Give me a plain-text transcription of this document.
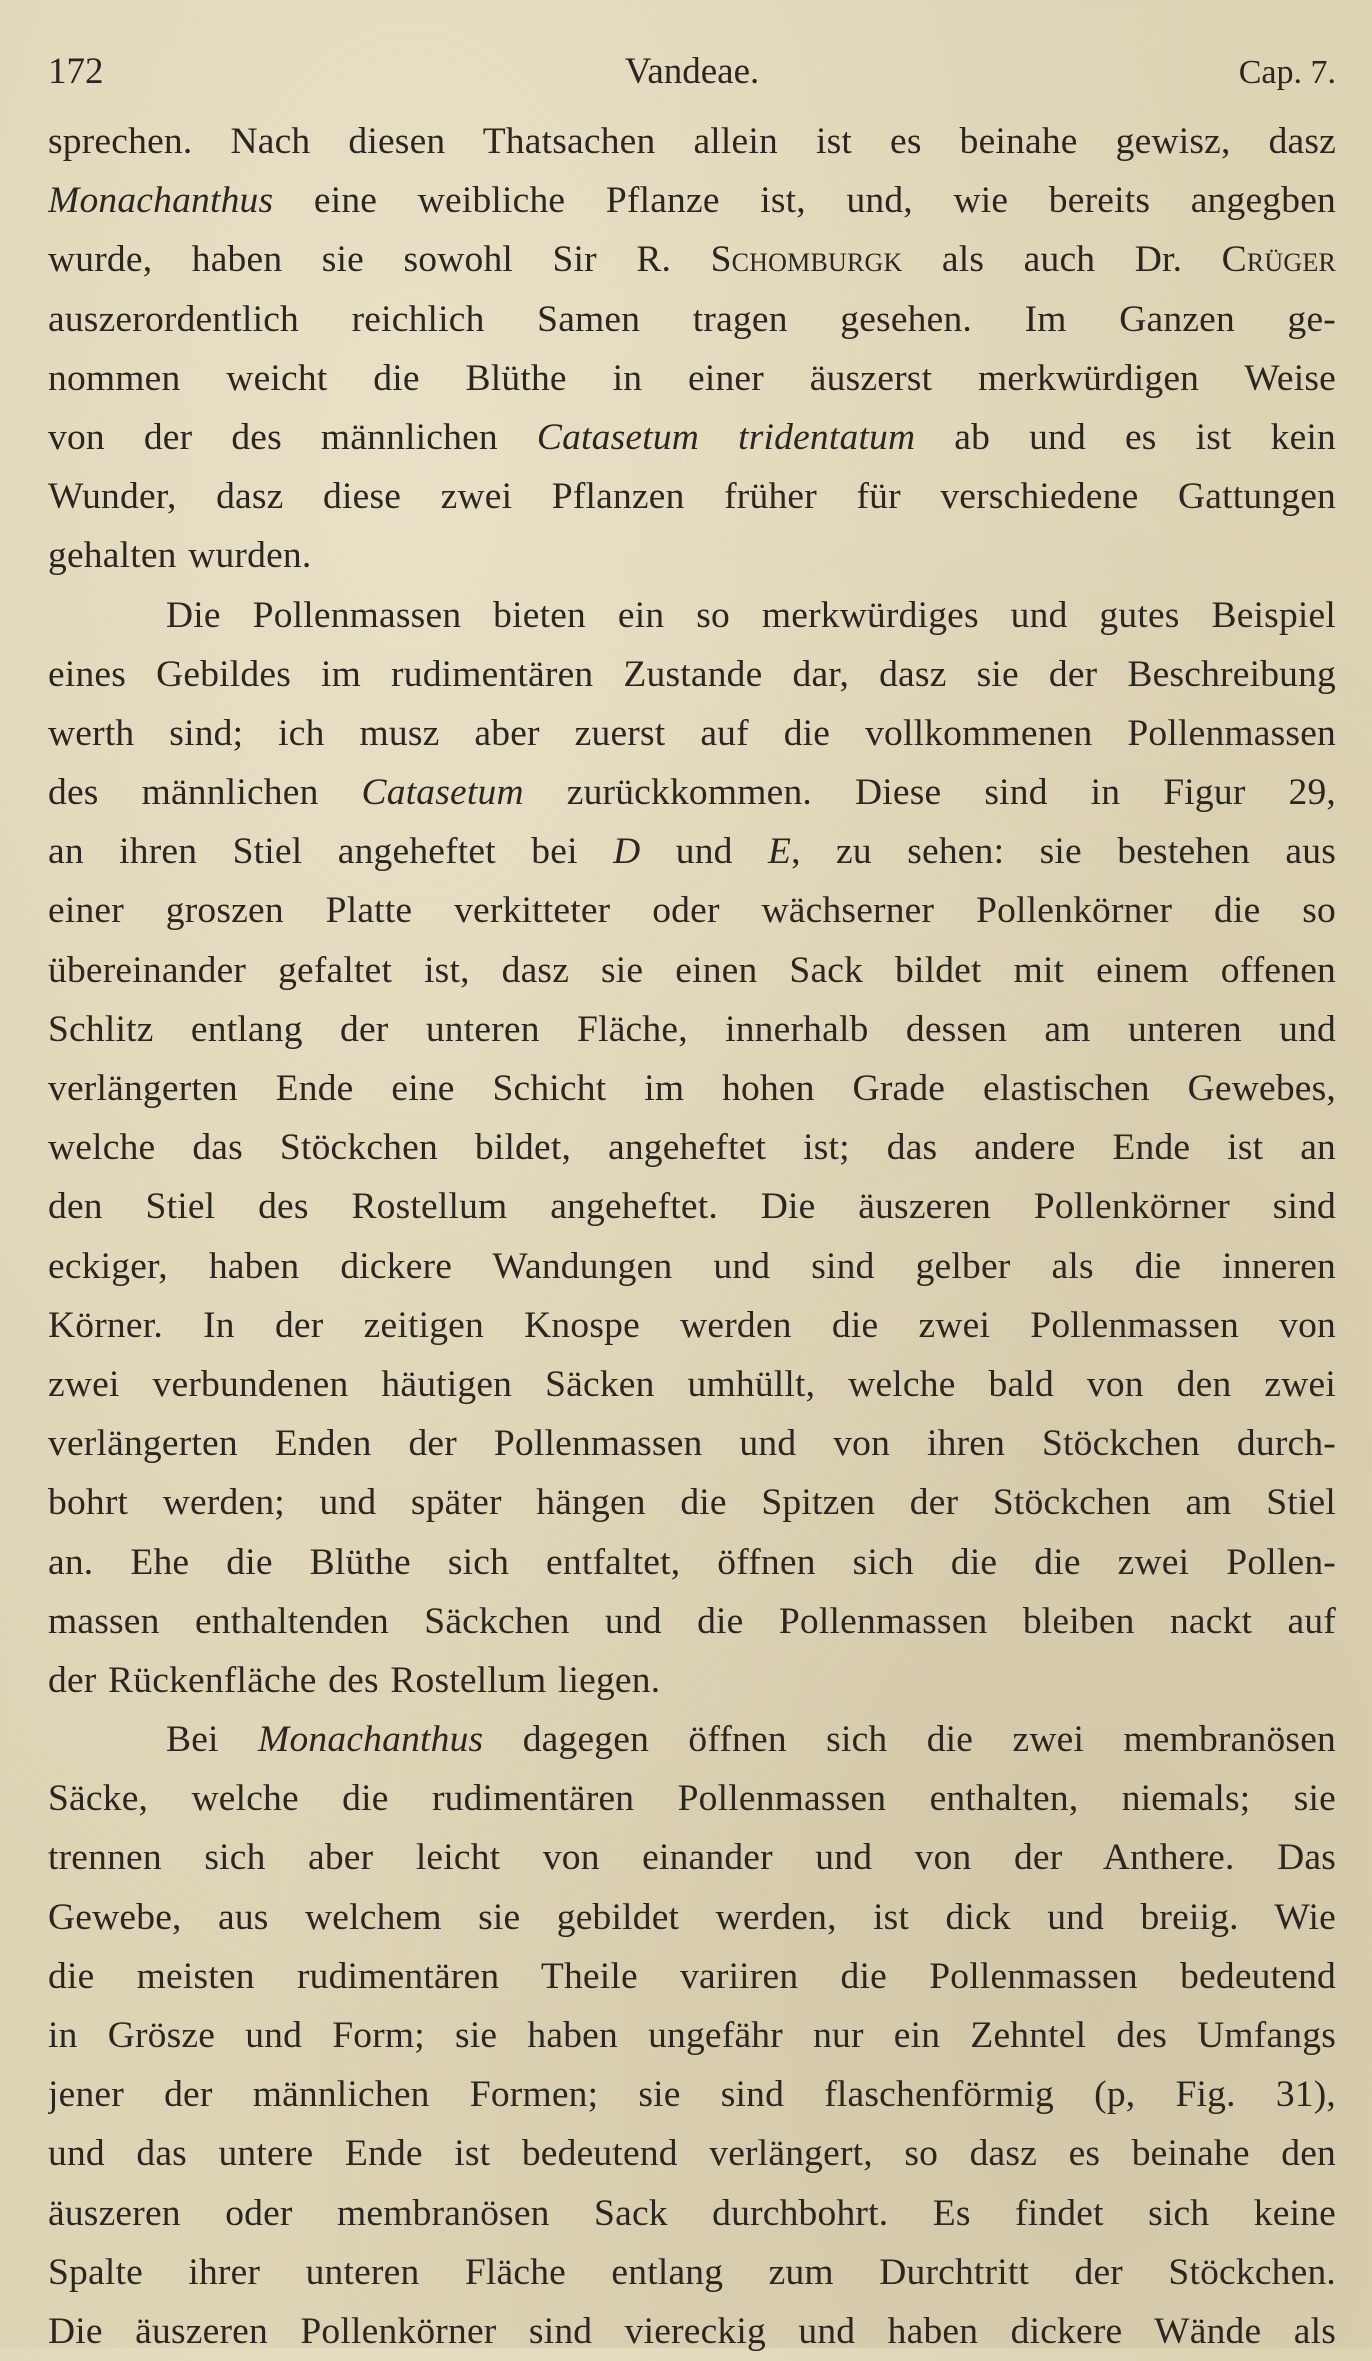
172	Vandeae.	Cap. 7.
sprechen. Nach diesen Thatsachen allein ist es beinahe gewisz, dasz
Monachanthus eine weibliche Pflanze ist, und, wie bereits angegben
wurde, haben sie sowohl Sir R. Schomburgk als auch Dr. Crüger
auszerordentlich reichlich Samen tragen gesehen. Im Ganzen ge-
nommen weicht die Blüthe in einer äuszerst merkwürdigen Weise
von der des männlichen Catasetum tridentatum ab und es ist kein
Wunder, dasz diese zwei Pflanzen früher für verschiedene Gattungen
gehalten wurden.
Die Pollenmassen bieten ein so merkwürdiges und gutes Beispiel
eines Gebildes im rudimentären Zustande dar, dasz sie der Beschreibung
werth sind; ich musz aber zuerst auf die vollkommenen Pollenmassen
des männlichen Catasetum zurückkommen. Diese sind in Figur 29,
an ihren Stiel angeheftet bei D und E, zu sehen: sie bestehen aus
einer groszen Platte verkitteter oder wächserner Pollenkörner die so
übereinander gefaltet ist, dasz sie einen Sack bildet mit einem offenen
Schlitz entlang der unteren Fläche, innerhalb dessen am unteren und
verlängerten Ende eine Schicht im hohen Grade elastischen Gewebes,
welche das Stöckchen bildet, angeheftet ist; das andere Ende ist an
den Stiel des Rostellum angeheftet. Die äuszeren Pollenkörner sind
eckiger, haben dickere Wandungen und sind gelber als die inneren
Körner. In der zeitigen Knospe werden die zwei Pollenmassen von
zwei verbundenen häutigen Säcken umhüllt, welche bald von den zwei
verlängerten Enden der Pollenmassen und von ihren Stöckchen durch-
bohrt werden; und später hängen die Spitzen der Stöckchen am Stiel
an. Ehe die Blüthe sich entfaltet, öffnen sich die die zwei Pollen-
massen enthaltenden Säckchen und die Pollenmassen bleiben nackt auf
der Rückenfläche des Rostellum liegen.
Bei Monachanthus dagegen öffnen sich die zwei membranösen
Säcke, welche die rudimentären Pollenmassen enthalten, niemals; sie
trennen sich aber leicht von einander und von der Anthere. Das
Gewebe, aus welchem sie gebildet werden, ist dick und breiig. Wie
die meisten rudimentären Theile variiren die Pollenmassen bedeutend
in Grösze und Form; sie haben ungefähr nur ein Zehntel des Umfangs
jener der männlichen Formen; sie sind flaschenförmig (p, Fig. 31),
und das untere Ende ist bedeutend verlängert, so dasz es beinahe den
äuszeren oder membranösen Sack durchbohrt. Es findet sich keine
Spalte ihrer unteren Fläche entlang zum Durchtritt der Stöckchen.
Die äuszeren Pollenkörner sind viereckig und haben dickere Wände als
